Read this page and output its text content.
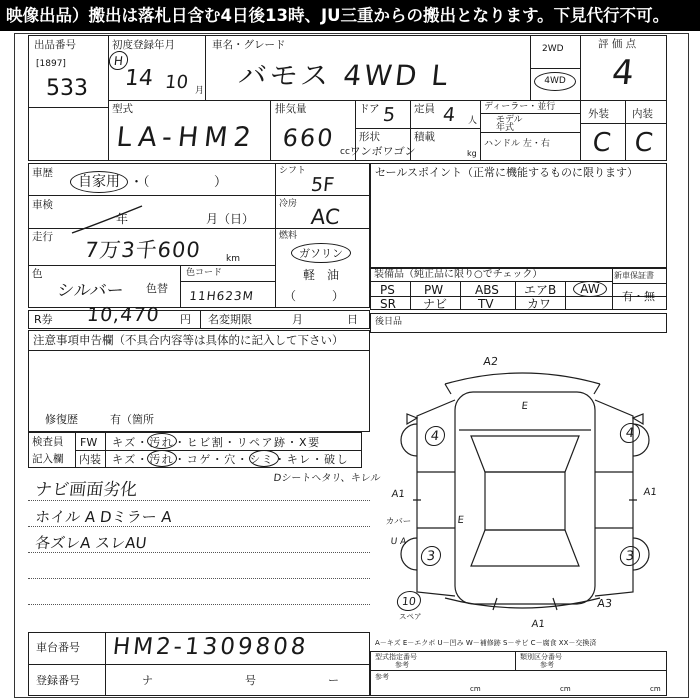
映像出品）搬出は落札日含む4日後13時、JU三重からの搬出となります。下見代行不可。
出品番号
[1897]
533
初度登録年月
H
14 10 月
車名・グレード
バモス 4WD L
2WD
4WD
評 価 点
4
型式
LA-HM2
排気量
660 cc
ドア 5 定員 4 人
形状
ワンボワゴン
積載
kg
ディーラー・並行
モデル
年式
ハンドル 左・右
外装 内装
C C
車歴
自家用 ・（	）
車検
年	月（日）
走行
7万3千600	km
色
シルバー 色替
色コード
11H623M
シフト
5F
冷房
AC
燃料
ガソリン
軽　油
（　　　）
セールスポイント（正常に機能するものに限ります）
装備品（純正品に限り○でチェック）
PS PW	ABS エアB	AW
SR ナビ	TV	カワ
新車保証書
有・無
R券 10,470 円 名変期限	月	日 後日品
注意事項申告欄（不具合内容等は具体的に記入して下さい）
修復歴	有（箇所
検査員
記入欄
FW キズ・汚れ・ヒビ割・リペア跡・X要
内装 キズ・汚れ・コゲ・穴・シミ・キレ・破し
ナビ画面劣化
ホイル A Dミラー A
各ズレA スレAU
Dシートヘタリ、キレル
A2
E
4	4
A1	A1
E
カバー
U A
3	3
10
スペア
A3
A1
車台番号 HM2-1309808
登録番号	ナ	号	ー
A－キズ E－エクボ U－凹み W－補修跡 S－サビ C－腐食 XX－交換済
型式指定番号
参考
類別区分番号
参考
参考
cm	cm	cm
